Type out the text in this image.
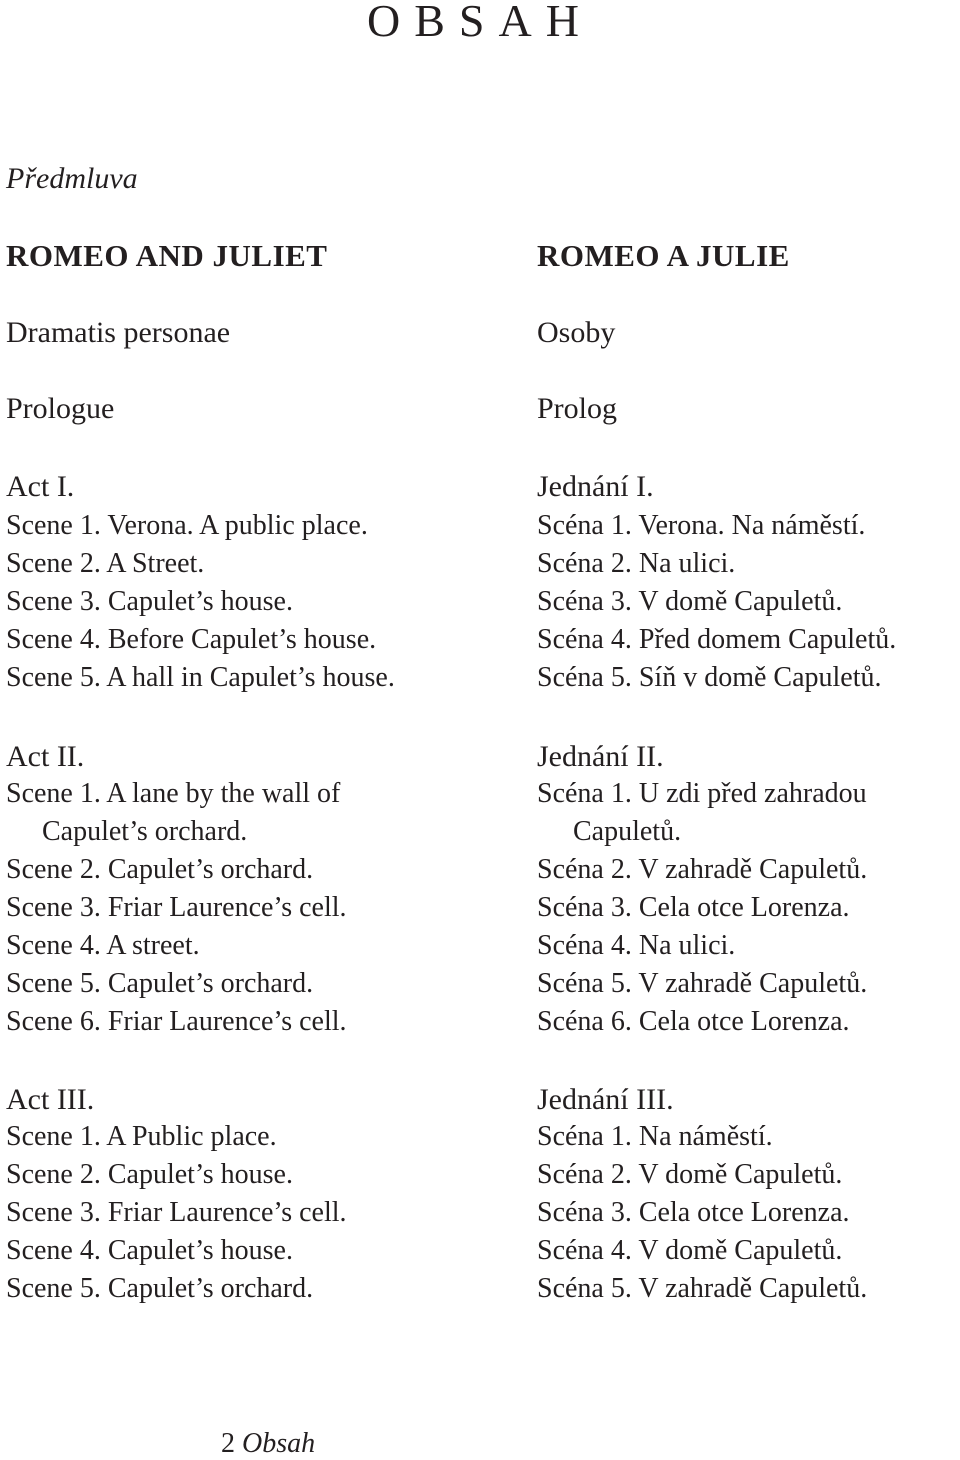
OBSAH
Předmluva
ROMEO AND JULIET
Dramatis personae
Prologue
Act I.
Scene 1. Verona. A public place.
Scene 2. A Street.
Scene 3. Capulet’s house.
Scene 4. Before Capulet’s house.
Scene 5. A hall in Capulet’s house.
Act II.
Scene 1. A lane by the wall of
Capulet’s orchard.
Scene 2. Capulet’s orchard.
Scene 3. Friar Laurence’s cell.
Scene 4. A street.
Scene 5. Capulet’s orchard.
Scene 6. Friar Laurence’s cell.
Act III.
Scene 1. A Public place.
Scene 2. Capulet’s house.
Scene 3. Friar Laurence’s cell.
Scene 4. Capulet’s house.
Scene 5. Capulet’s orchard.
ROMEO A JULIE
Osoby
Prolog
Jednání I.
Scéna 1. Verona. Na náměstí.
Scéna 2. Na ulici.
Scéna 3. V domě Capuletů.
Scéna 4. Před domem Capuletů.
Scéna 5. Síň v domě Capuletů.
Jednání II.
Scéna 1. U zdi před zahradou
Capuletů.
Scéna 2. V zahradě Capuletů.
Scéna 3. Cela otce Lorenza.
Scéna 4. Na ulici.
Scéna 5. V zahradě Capuletů.
Scéna 6. Cela otce Lorenza.
Jednání III.
Scéna 1. Na náměstí.
Scéna 2. V domě Capuletů.
Scéna 3. Cela otce Lorenza.
Scéna 4. V domě Capuletů.
Scéna 5. V zahradě Capuletů.
2 Obsah
